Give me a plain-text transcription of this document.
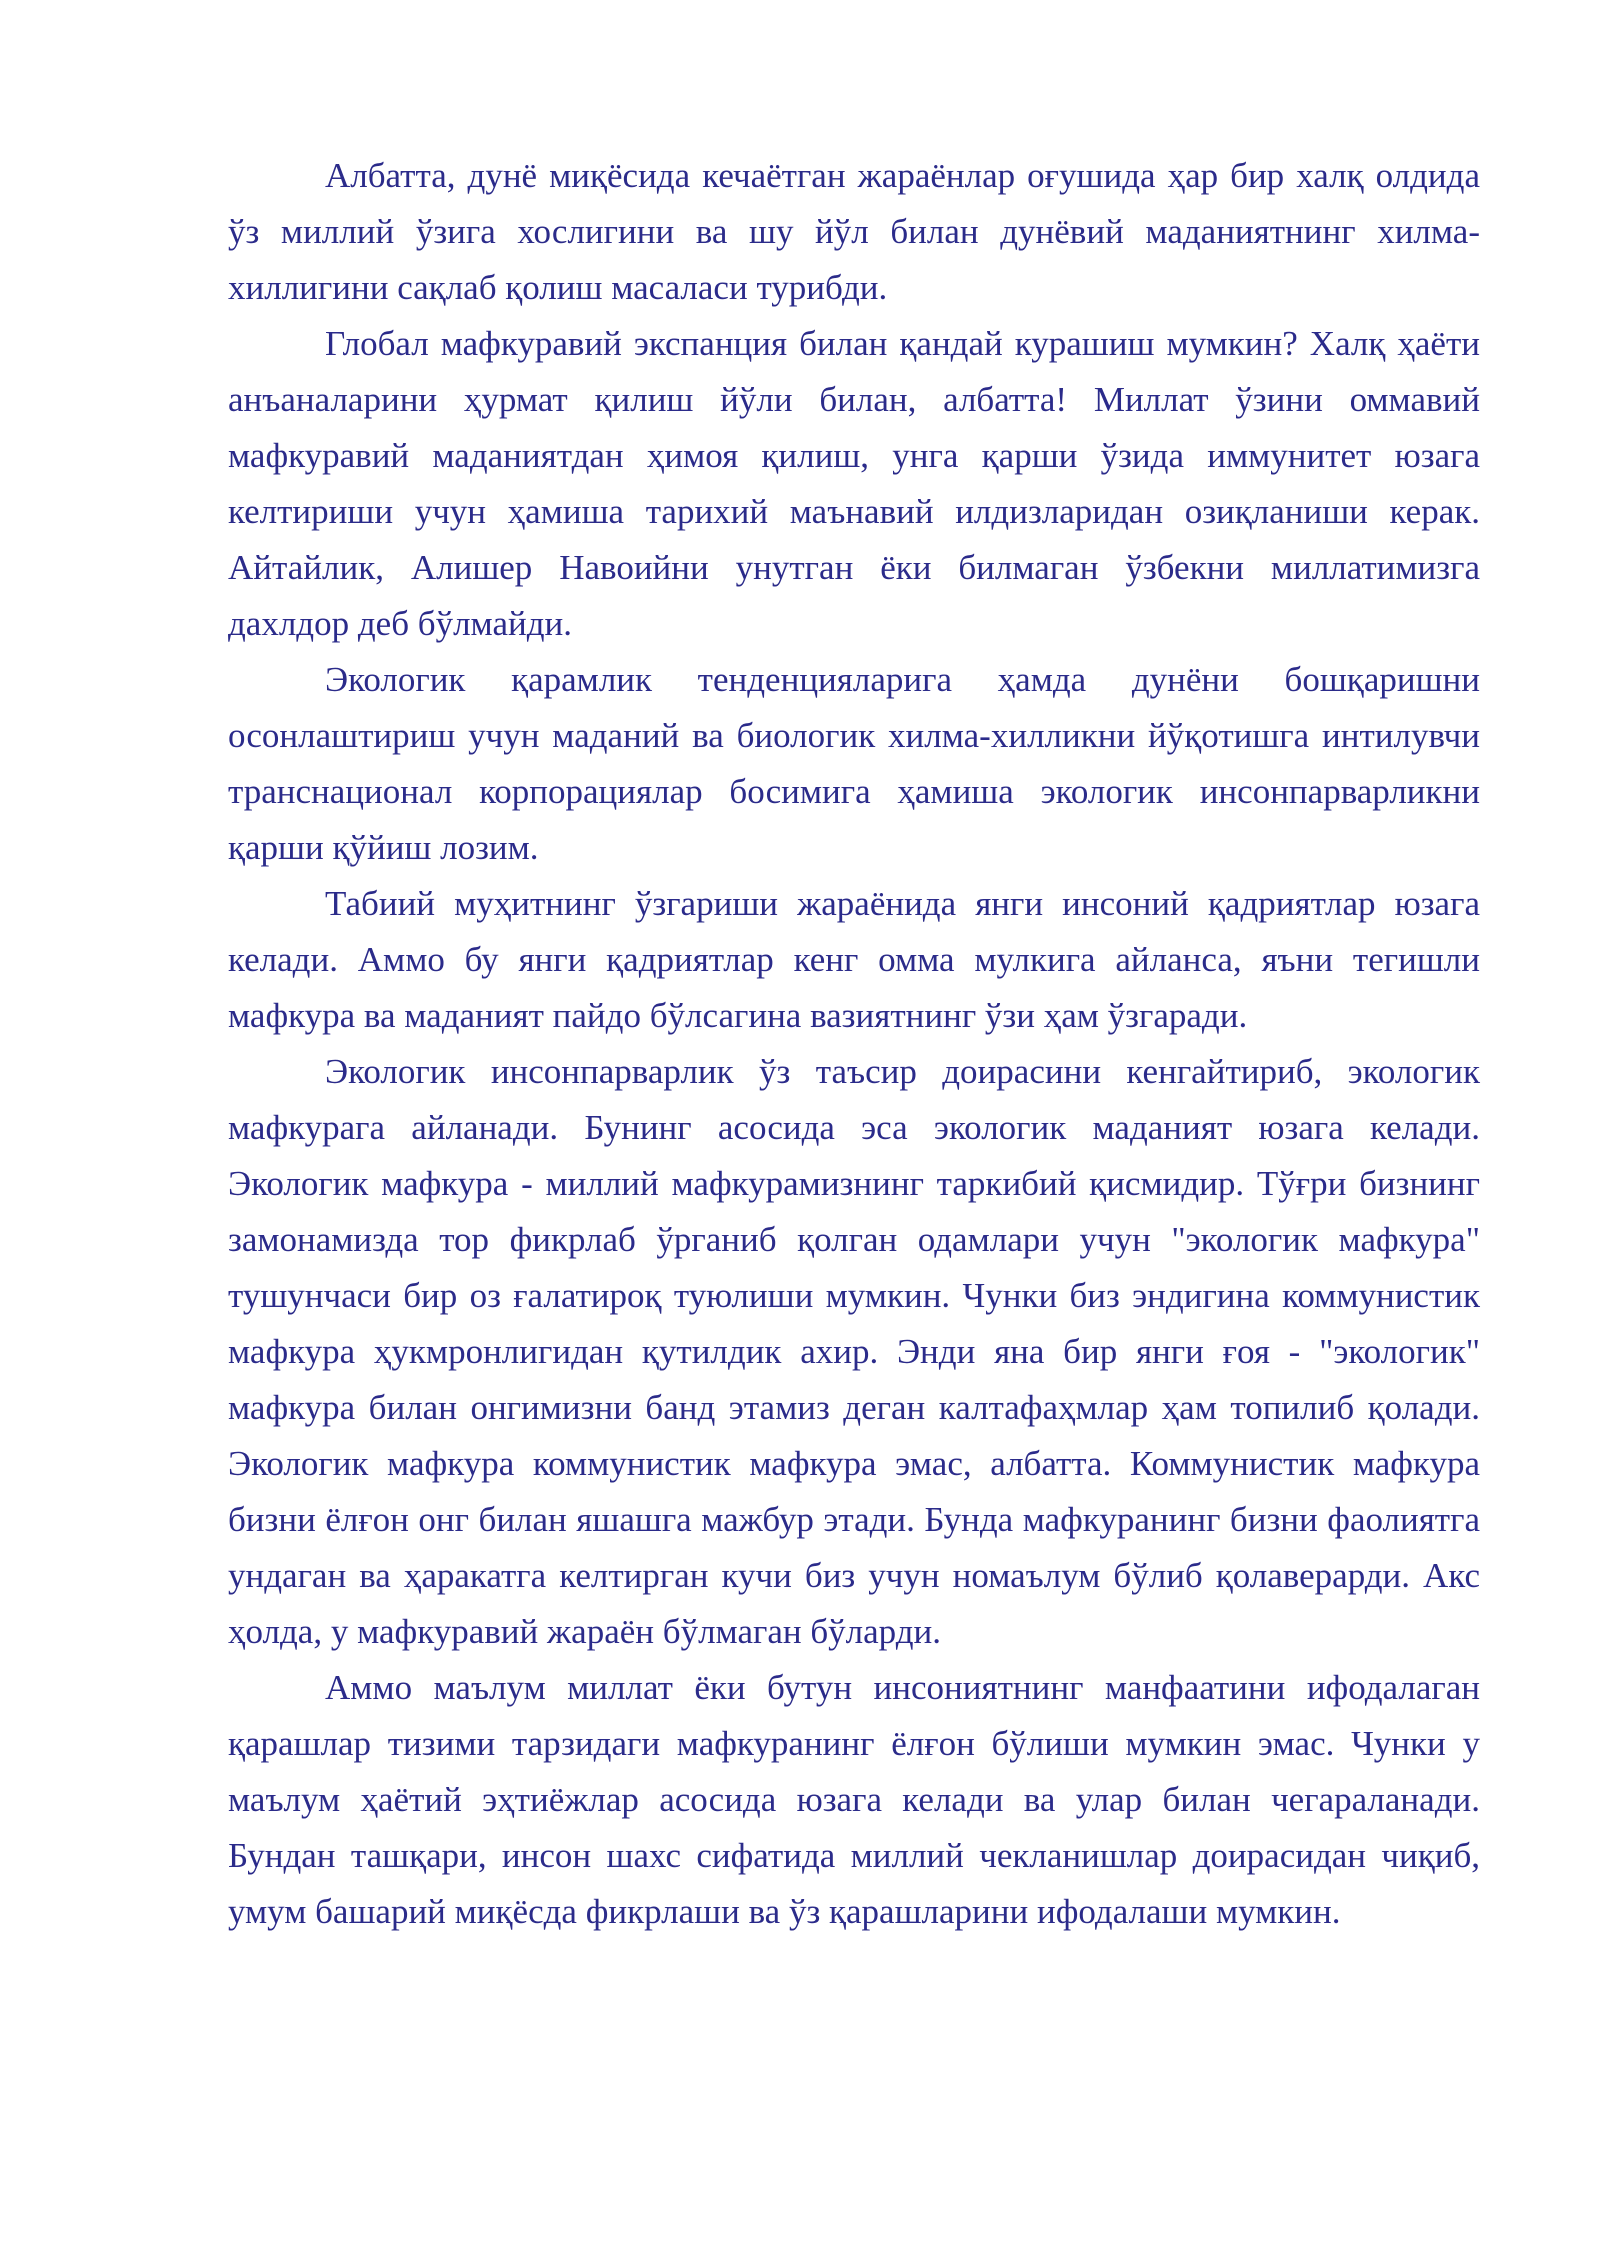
Албатта, дунё миқёсида кечаётган жараёнлар оғушида ҳар бир халқ олдида ўз миллий ўзига хослигини ва шу йўл билан дунёвий маданиятнинг хилма-хиллигини сақлаб қолиш масаласи турибди.

Глобал мафкуравий экспанция билан қандай курашиш мумкин? Халқ ҳаёти анъаналарини ҳурмат қилиш йўли билан, албатта! Миллат ўзини оммавий мафкуравий маданиятдан ҳимоя қилиш, унга қарши ўзида иммунитет юзага келтириши учун ҳамиша тарихий маънавий илдизларидан озиқланиши керак. Айтайлик, Алишер Навоийни унутган ёки билмаган ўзбекни миллатимизга дахлдор деб бўлмайди.

Экологик қарамлик тенденцияларига ҳамда дунёни бошқаришни осонлаштириш учун маданий ва биологик хилма-хилликни йўқотишга интилувчи транснационал корпорациялар босимига ҳамиша экологик инсонпарварликни қарши қўйиш лозим.

Табиий муҳитнинг ўзгариши жараёнида янги инсоний қадриятлар юзага келади. Аммо бу янги қадриятлар кенг омма мулкига айланса, яъни тегишли мафкура ва маданият пайдо бўлсагина вазиятнинг ўзи ҳам ўзгаради.

Экологик инсонпарварлик ўз таъсир доирасини кенгайтириб, экологик мафкурага айланади. Бунинг асосида эса экологик маданият юзага келади. Экологик мафкура - миллий мафкурамизнинг таркибий қисмидир. Тўғри бизнинг замонамизда тор фикрлаб ўрганиб қолган одамлари учун "экологик мафкура" тушунчаси бир оз ғалатироқ туюлиши мумкин. Чунки биз эндигина коммунистик мафкура ҳукмронлигидан қутилдик ахир. Энди яна бир янги ғоя - "экологик" мафкура билан онгимизни банд этамиз деган калтафаҳмлар ҳам топилиб қолади. Экологик мафкура коммунистик мафкура эмас, албатта. Коммунистик мафкура бизни ёлғон онг билан яшашга мажбур этади. Бунда мафкуранинг бизни фаолиятга ундаган ва ҳаракатга келтирган кучи биз учун номаълум бўлиб қолаверарди. Акс ҳолда, у мафкуравий жараён бўлмаган бўларди.

Аммо маълум миллат ёки бутун инсониятнинг манфаатини ифодалаган қарашлар тизими тарзидаги мафкуранинг ёлғон бўлиши мумкин эмас. Чунки у маълум ҳаётий эҳтиёжлар асосида юзага келади ва улар билан чегараланади. Бундан ташқари, инсон шахс сифатида миллий чекланишлар доирасидан чиқиб, умум башарий миқёсда фикрлаши ва ўз қарашларини ифодалаши мумкин.
